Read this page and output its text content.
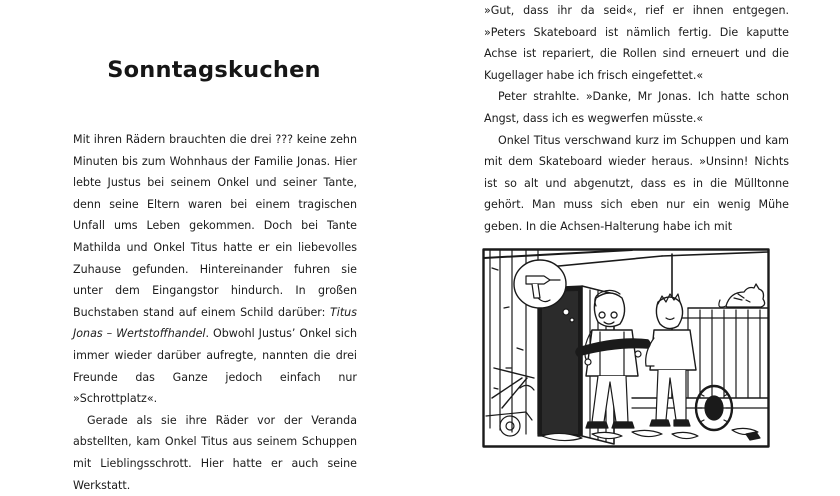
Sonntagskuchen

Mit ihren Rädern brauchten die drei ??? keine zehn Minuten bis zum Wohnhaus der Familie Jonas. Hier lebte Justus bei seinem Onkel und seiner Tante, denn seine Eltern waren bei einem tragischen Unfall ums Leben gekommen. Doch bei Tante Mathilda und Onkel Titus hatte er ein liebevolles Zuhause gefunden. Hintereinander fuhren sie unter dem Eingangstor hindurch. In großen Buchstaben stand auf einem Schild darüber: Titus Jonas – Wertstoffhandel. Obwohl Justus’ Onkel sich immer wieder darüber aufregte, nannten die drei Freunde das Ganze jedoch einfach nur »Schrottplatz«.

Gerade als sie ihre Räder vor der Veranda abstellten, kam Onkel Titus aus seinem Schuppen mit Lieblingsschrott. Hier hatte er auch seine Werkstatt.

»Gut, dass ihr da seid«, rief er ihnen entgegen. »Peters Skateboard ist nämlich fertig. Die kaputte Achse ist repariert, die Rollen sind erneuert und die Kugellager habe ich frisch eingefettet.«

Peter strahlte. »Danke, Mr Jonas. Ich hatte schon Angst, dass ich es wegwerfen müsste.«

Onkel Titus verschwand kurz im Schuppen und kam mit dem Skateboard wieder heraus. »Unsinn! Nichts ist so alt und abgenutzt, dass es in die Mülltonne gehört. Man muss sich eben nur ein wenig Mühe geben. In die Achsen-Halterung habe ich mit
